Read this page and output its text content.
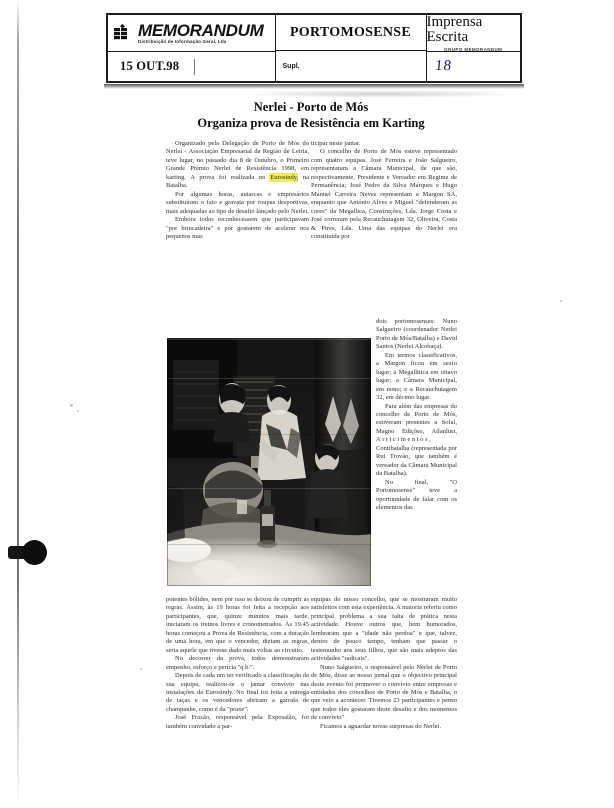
MEMORANDUM
Distribuição de Informação Geral, Lda
15 OUT.98
PORTOMOSENSE
Supl.
Imprensa Escrita
GRUPO MEMORANDUM
18
Nerlei - Porto de Mós
Organiza prova de Resistência em Karting

Organizado pela Delegação de Porto de Mós do Nerlei - Associação Empresarial da Região de Leiria, teve lugar, no passado dia 8 de Outubro, o Primeiro Grande Prémio Nerlei de Resistência 1998, em karting. A prova foi realizada no Eurosindy, na Batalha.

Por algumas horas, autarcas e empresários substituíram o fato e gravata por roupas desportivas, mais adequadas ao tipo de desafio lançado pelo Nerlei.

Embora todos reconhecessem que participavam "por brincadeira" e por gostarem de acelerar nos pequenos mas

potentes bólides, nem por isso se deixou de cumprir as regras. Assim, às 19 horas foi feita a recepção aos participantes, que, quinze minutos mais tarde, iniciaram os treinos livres e cronometrados. Às 19.45 horas começou a Prova de Resistência, com a duração de uma hora, em que o vencedor, diziam as regras, seria aquele que tivesse dado mais voltas ao circuito.

No decorrer da prova, todos demonstraram empenho, esforço e perícia "q.b.".

Depois de cada um ter verificado a classificação da sua equipa, realizou-se o jantar convívio nas instalações da Eurosindy. No final foi feita a entrega de taças e os vencedores abriram a garrafa de champanhe, como é da "praxe".

José Frazão, responsável pela Exposalão, foi também convidado a par-

ticipar neste jantar.

O concelho de Porto de Mós esteve representado com quatro equipas. José Ferreira e João Salgueiro, representaram a Câmara Municipal, de que são, respectivamente, Presidente e Vereador em Regime de Permanência; José Pedro da Silva Marques e Hugo Manuel Carreira Neves representam a Margon SA, enquanto que António Alves e Miguel "defenderam as cores" da Megallica, Construções, Lda. Jorge Costa e José correram pela Recauchutagem 32, Oliveira, Costa & Pires, Lda. Uma das equipas do Nerlei era constituída por

dois portomosenses: Nuno Salgueiro (coordenador Nerlei Porto de Mós/Batalha) e David Santos (Nerlei Alcobaça).

Em termos classificativos, a Margon ficou em sexto lugar; a Megallitica em oitavo lugar; a Câmara Municipal, em nono; e a Recauchutagem 32, em décimo lugar.

Para além das empresas do concelho de Porto de Mós, estiveram presentes a Sofal, Magno Edições, Atlanlusi, Articimentos, Contibatalha (representada por Rui Trovão, que também é vereador da Câmara Municipal da Batalha).

No final, "O Portomosense" teve a oportunidade de falar com os elementos das

equipas do nosso concelho, que se mostraram muito satisfeitos com esta experiência. A maioria referiu como principal problema a sua falta de prática nesta actividade. Houve outros que, bem humorados, lembraram que a "idade não perdoa" e que, talvez, dentro de pouco tempo, tenham que passar o testemunho aos seus filhos, que são mais adeptos das actividades "radicais".

Nuno Salgueiro, o responsável pelo Nerlei de Porto de Mós, disse ao nosso jornal que o objectivo principal deste evento foi promover o convívio entre empresas e entidades dos concelhos de Porto de Mós e Batalha, o que veio a acontecer. Tivemos 23 participantes e penso que todos eles gostaram deste desafio e dos momentos de convívio"

Ficamos a aguardar novas surpresas do Nerlei.
